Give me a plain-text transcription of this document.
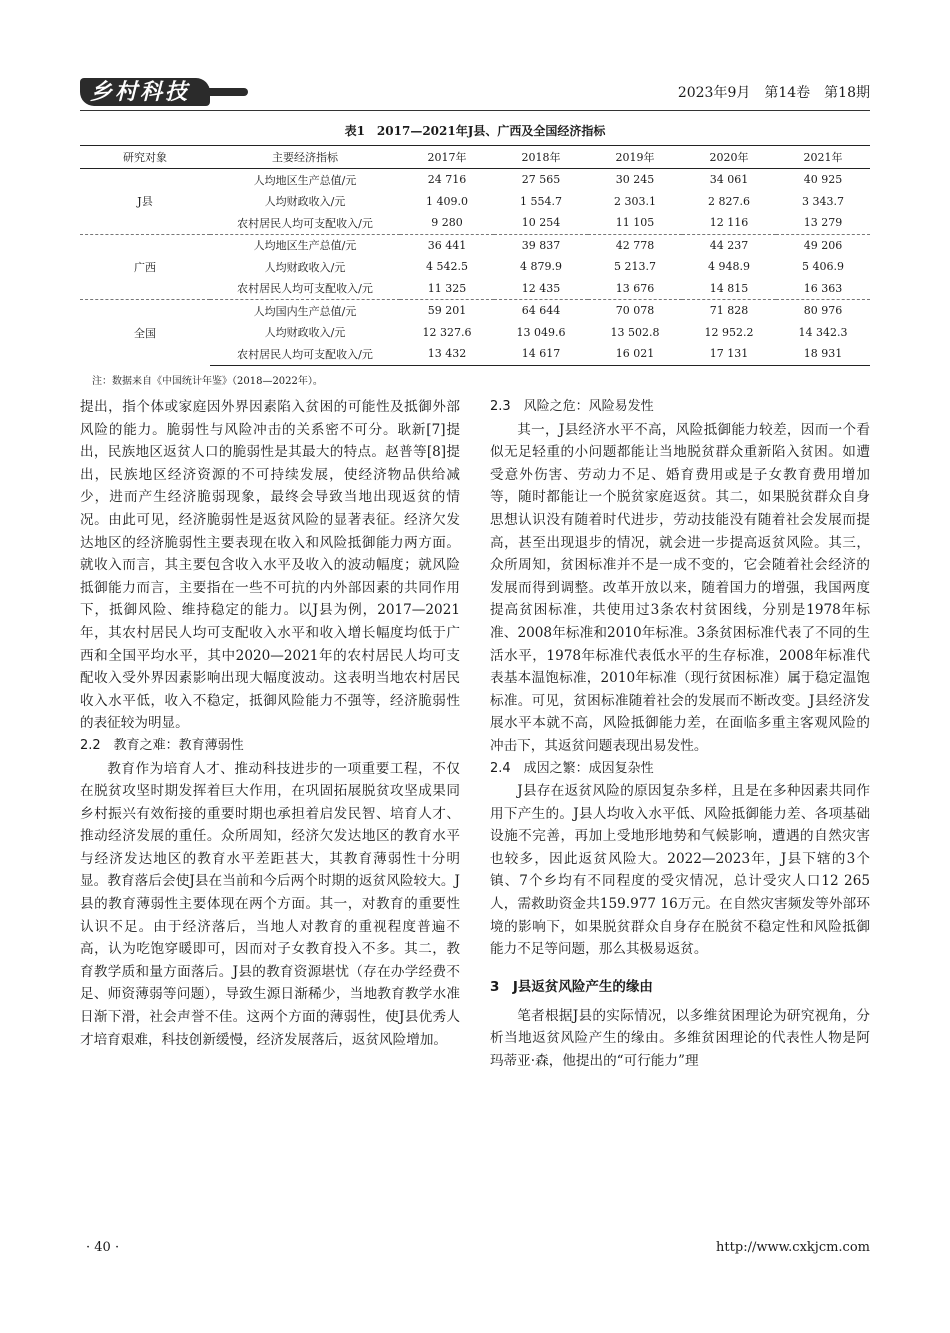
乡村科技	2023年9月　第14卷　第18期
表1　2017—2021年J县、广西及全国经济指标
研究对象	主要经济指标	2017年	2018年	2019年	2020年	2021年
J县	人均地区生产总值/元	24 716	27 565	30 245	34 061	40 925
	人均财政收入/元	1 409.0	1 554.7	2 303.1	2 827.6	3 343.7
	农村居民人均可支配收入/元	9 280	10 254	11 105	12 116	13 279
广西	人均地区生产总值/元	36 441	39 837	42 778	44 237	49 206
	人均财政收入/元	4 542.5	4 879.9	5 213.7	4 948.9	5 406.9
	农村居民人均可支配收入/元	11 325	12 435	13 676	14 815	16 363
全国	人均国内生产总值/元	59 201	64 644	70 078	71 828	80 976
	人均财政收入/元	12 327.6	13 049.6	13 502.8	12 952.2	14 342.3
	农村居民人均可支配收入/元	13 432	14 617	16 021	17 131	18 931
注：数据来自《中国统计年鉴》（2018—2022年）。

提出，指个体或家庭因外界因素陷入贫困的可能性及抵御外部风险的能力。脆弱性与风险冲击的关系密不可分。耿新[7]提出，民族地区返贫人口的脆弱性是其最大的特点。赵普等[8]提出，民族地区经济资源的不可持续发展，使经济物品供给减少，进而产生经济脆弱现象，最终会导致当地出现返贫的情况。由此可见，经济脆弱性是返贫风险的显著表征。经济欠发达地区的经济脆弱性主要表现在收入和风险抵御能力两方面。就收入而言，其主要包含收入水平及收入的波动幅度；就风险抵御能力而言，主要指在一些不可抗的内外部因素的共同作用下，抵御风险、维持稳定的能力。以J县为例，2017—2021年，其农村居民人均可支配收入水平和收入增长幅度均低于广西和全国平均水平，其中2020—2021年的农村居民人均可支配收入受外界因素影响出现大幅度波动。这表明当地农村居民收入水平低，收入不稳定，抵御风险能力不强等，经济脆弱性的表征较为明显。

2.2　教育之难：教育薄弱性

教育作为培育人才、推动科技进步的一项重要工程，不仅在脱贫攻坚时期发挥着巨大作用，在巩固拓展脱贫攻坚成果同乡村振兴有效衔接的重要时期也承担着启发民智、培育人才、推动经济发展的重任。众所周知，经济欠发达地区的教育水平与经济发达地区的教育水平差距甚大，其教育薄弱性十分明显。教育落后会使J县在当前和今后两个时期的返贫风险较大。J县的教育薄弱性主要体现在两个方面。其一，对教育的重要性认识不足。由于经济落后，当地人对教育的重视程度普遍不高，认为吃饱穿暖即可，因而对子女教育投入不多。其二，教育教学质和量方面落后。J县的教育资源堪忧（存在办学经费不足、师资薄弱等问题），导致生源日渐稀少，当地教育教学水准日渐下滑，社会声誉不佳。这两个方面的薄弱性，使J县优秀人才培育艰难，科技创新缓慢，经济发展落后，返贫风险增加。

2.3　风险之危：风险易发性

其一，J县经济水平不高，风险抵御能力较差，因而一个看似无足轻重的小问题都能让当地脱贫群众重新陷入贫困。如遭受意外伤害、劳动力不足、婚育费用或是子女教育费用增加等，随时都能让一个脱贫家庭返贫。其二，如果脱贫群众自身思想认识没有随着时代进步，劳动技能没有随着社会发展而提高，甚至出现退步的情况，就会进一步提高返贫风险。其三，众所周知，贫困标准并不是一成不变的，它会随着社会经济的发展而得到调整。改革开放以来，随着国力的增强，我国两度提高贫困标准，共使用过3条农村贫困线，分别是1978年标准、2008年标准和2010年标准。3条贫困标准代表了不同的生活水平，1978年标准代表低水平的生存标准，2008年标准代表基本温饱标准，2010年标准（现行贫困标准）属于稳定温饱标准。可见，贫困标准随着社会的发展而不断改变。J县经济发展水平本就不高，风险抵御能力差，在面临多重主客观风险的冲击下，其返贫问题表现出易发性。

2.4　成因之繁：成因复杂性

J县存在返贫风险的原因复杂多样，且是在多种因素共同作用下产生的。J县人均收入水平低、风险抵御能力差、各项基础设施不完善，再加上受地形地势和气候影响，遭遇的自然灾害也较多，因此返贫风险大。2022—2023年，J县下辖的3个镇、7个乡均有不同程度的受灾情况，总计受灾人口12 265人，需救助资金共159.977 16万元。在自然灾害频发等外部环境的影响下，如果脱贫群众自身存在脱贫不稳定性和风险抵御能力不足等问题，那么其极易返贫。

3　J县返贫风险产生的缘由

笔者根据J县的实际情况，以多维贫困理论为研究视角，分析当地返贫风险产生的缘由。多维贫困理论的代表性人物是阿玛蒂亚·森，他提出的“可行能力”理

· 40 ·	http://www.cxkjcm.com
